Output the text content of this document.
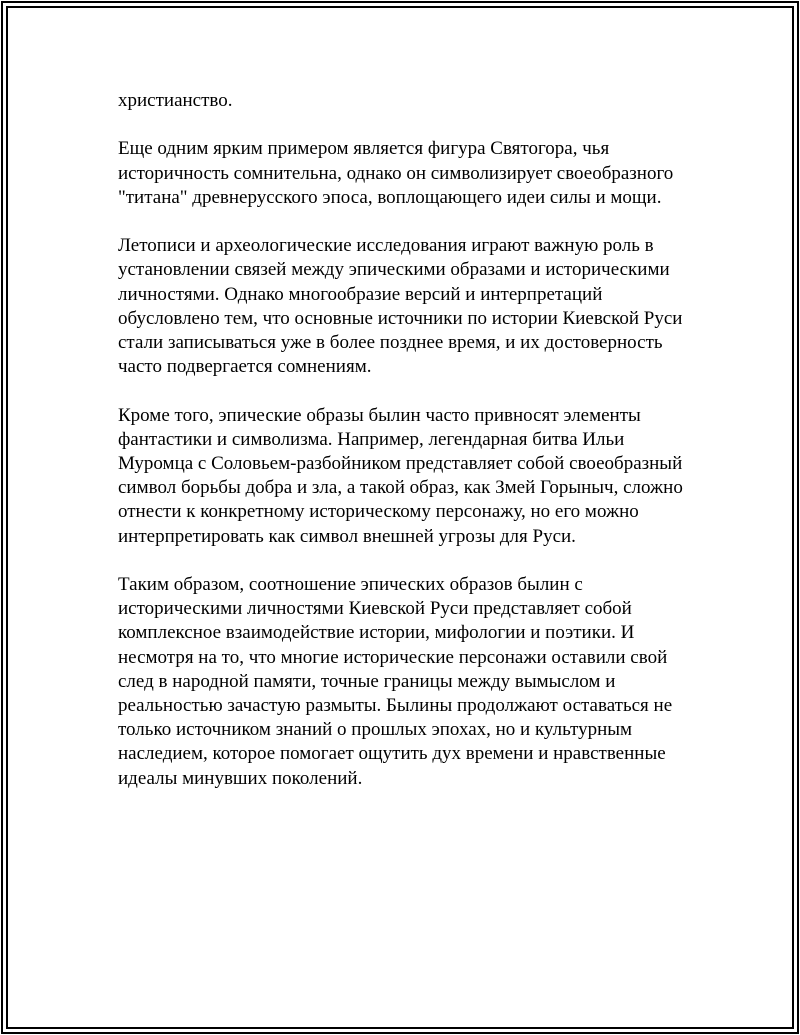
христианство.

Еще одним ярким примером является фигура Святогора, чья историчность сомнительна, однако он символизирует своеобразного "титана" древнерусского эпоса, воплощающего идеи силы и мощи.

Летописи и археологические исследования играют важную роль в установлении связей между эпическими образами и историческими личностями. Однако многообразие версий и интерпретаций обусловлено тем, что основные источники по истории Киевской Руси стали записываться уже в более позднее время, и их достоверность часто подвергается сомнениям.

Кроме того, эпические образы былин часто привносят элементы фантастики и символизма. Например, легендарная битва Ильи Муромца с Соловьем-разбойником представляет собой своеобразный символ борьбы добра и зла, а такой образ, как Змей Горыныч, сложно отнести к конкретному историческому персонажу, но его можно интерпретировать как символ внешней угрозы для Руси.

Таким образом, соотношение эпических образов былин с историческими личностями Киевской Руси представляет собой комплексное взаимодействие истории, мифологии и поэтики. И несмотря на то, что многие исторические персонажи оставили свой след в народной памяти, точные границы между вымыслом и реальностью зачастую размыты. Былины продолжают оставаться не только источником знаний о прошлых эпохах, но и культурным наследием, которое помогает ощутить дух времени и нравственные идеалы минувших поколений.
